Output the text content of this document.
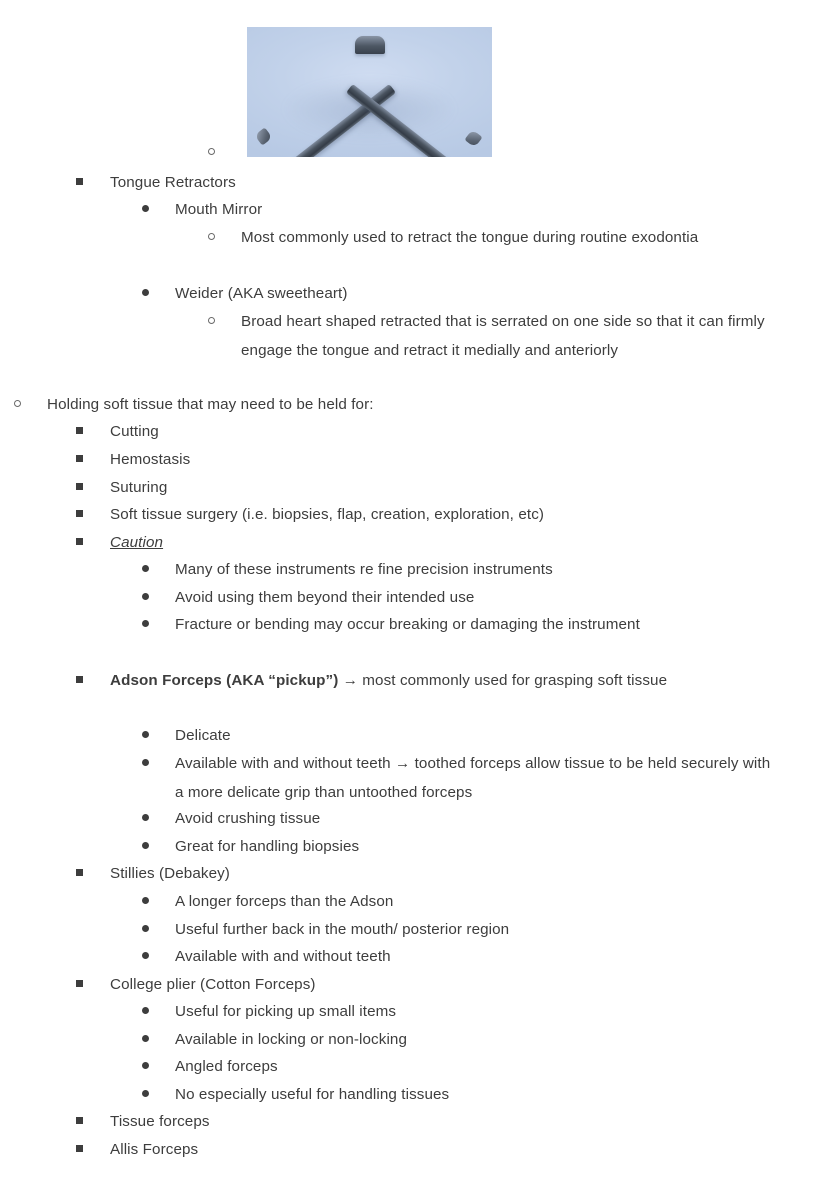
Tongue Retractors
Mouth Mirror
Most commonly used to retract the tongue during routine exodontia
Weider (AKA sweetheart)
Broad heart shaped retracted that is serrated on one side so that it can firmly engage the tongue and retract it medially and anteriorly
Holding soft tissue that may need to be held for:
Cutting
Hemostasis
Suturing
Soft tissue surgery (i.e. biopsies, flap, creation, exploration, etc)
Caution
Many of these instruments re fine precision instruments
Avoid using them beyond their intended use
Fracture or bending may occur breaking or damaging the instrument
Adson Forceps (AKA “pickup”) → most commonly used for grasping soft tissue
Delicate
Available with and without teeth → toothed forceps allow tissue to be held securely with a more delicate grip than untoothed forceps
Avoid crushing tissue
Great for handling biopsies
Stillies (Debakey)
A longer forceps than the Adson
Useful further back in the mouth/ posterior region
Available with and without teeth
College plier (Cotton Forceps)
Useful for picking up small items
Available in locking or non-locking
Angled forceps
No especially useful for handling tissues
Tissue forceps
Allis Forceps
